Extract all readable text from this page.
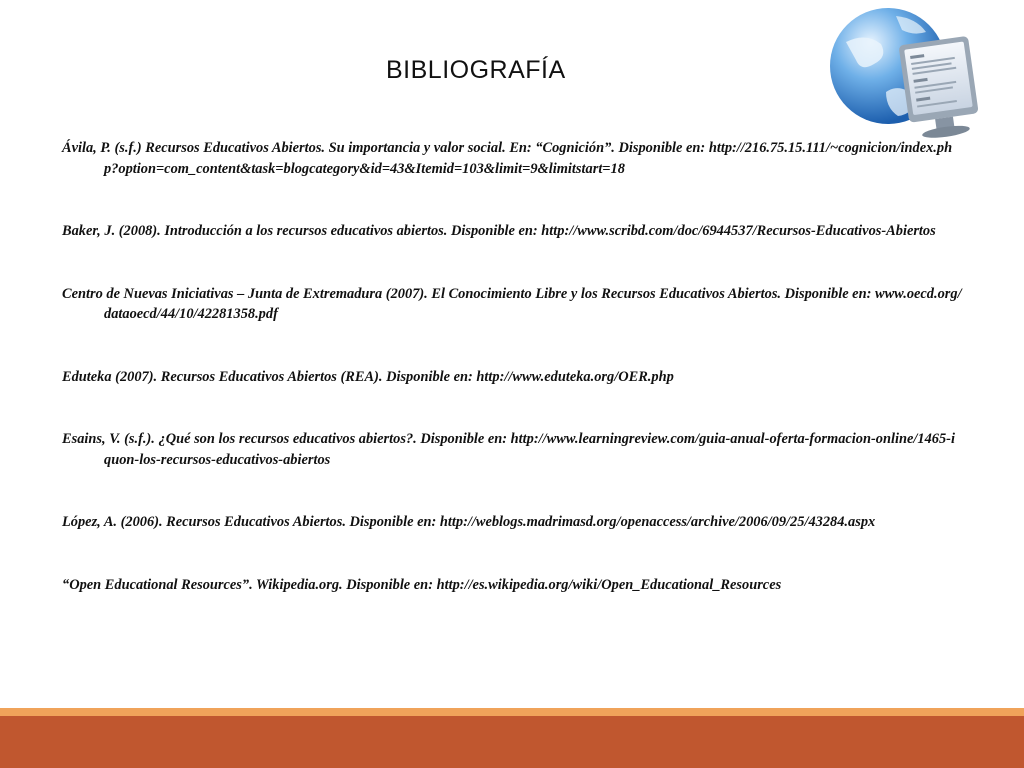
BIBLIOGRAFÍA
Ávila, P. (s.f.) Recursos Educativos Abiertos. Su importancia y valor social. En: “Cognición”. Disponible en: http://216.75.15.111/~cognicion/index.php?option=com_content&task=blogcategory&id=43&Itemid=103&limit=9&limitstart=18
Baker, J. (2008). Introducción a los recursos educativos abiertos. Disponible en: http://www.scribd.com/doc/6944537/Recursos-Educativos-Abiertos
Centro de Nuevas Iniciativas – Junta de Extremadura (2007). El Conocimiento Libre y los Recursos Educativos Abiertos. Disponible en: www.oecd.org/dataoecd/44/10/42281358.pdf
Eduteka (2007). Recursos Educativos Abiertos (REA). Disponible en: http://www.eduteka.org/OER.php
Esains, V. (s.f.). ¿Qué son los recursos educativos abiertos?. Disponible en: http://www.learningreview.com/guia-anual-oferta-formacion-online/1465-iquon-los-recursos-educativos-abiertos
López, A. (2006). Recursos Educativos Abiertos. Disponible en: http://weblogs.madrimasd.org/openaccess/archive/2006/09/25/43284.aspx
“Open Educational Resources”. Wikipedia.org. Disponible en: http://es.wikipedia.org/wiki/Open_Educational_Resources
